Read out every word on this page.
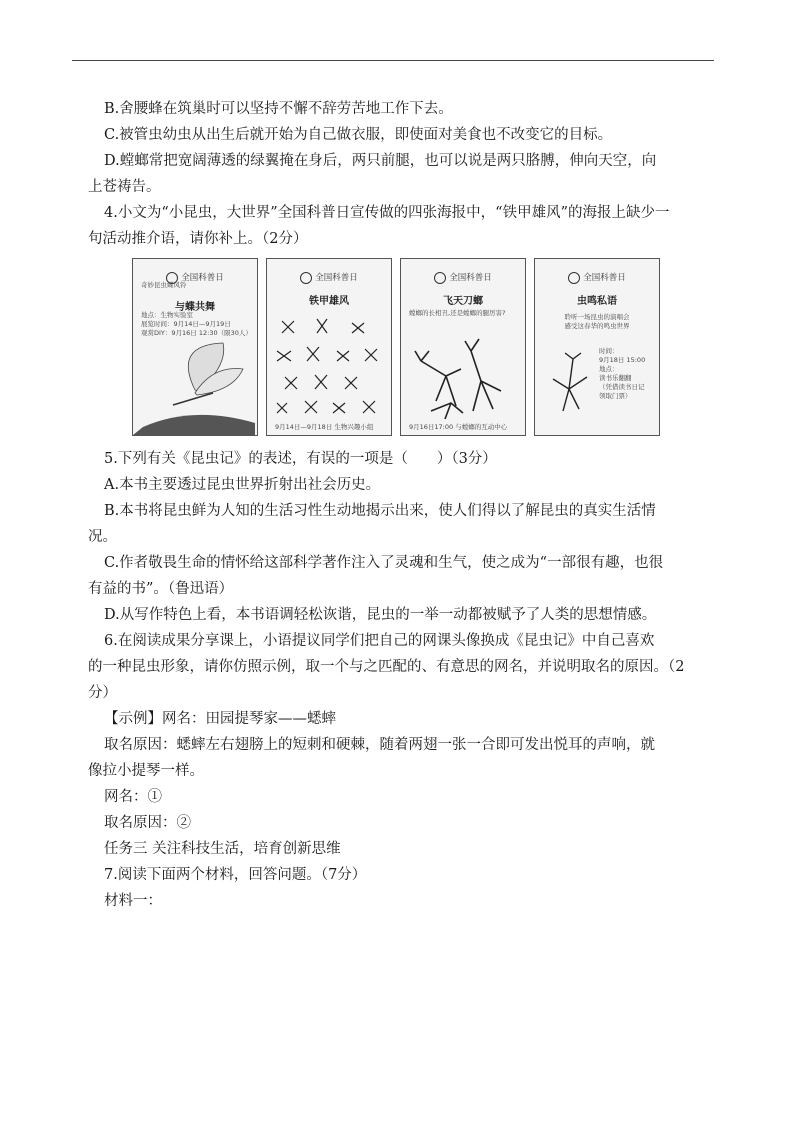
B.舍腰蜂在筑巢时可以坚持不懈不辞劳苦地工作下去。
C.被管虫幼虫从出生后就开始为自己做衣服，即使面对美食也不改变它的目标。
D.螳螂常把宽阔薄透的绿翼掩在身后，两只前腿，也可以说是两只胳膊，伸向天空，向
上苍祷告。
4.小文为“小昆虫，大世界”全国科普日宣传做的四张海报中，“铁甲雄风”的海报上缺少一
句活动推介语，请你补上。（2分）
全国科普日
奇妙昆虫蝶风铃
与蝶共舞
地点：生物实验室
展览时间：9月14日—9月19日
观赏DIY：9月16日 12:30（限30人）
全国科普日
铁甲雄风
9月14日—9月18日 生物兴趣小组
全国科普日
飞天刀螂
螳螂的长相丑,还是螳螂的腿厉害?
9月16日17:00 与螳螂的互动中心
全国科普日
虫鸣私语
聆听一场昆虫的演唱会
感受这春华的鸣虫世界
时间：
9月18日 15:00
地点：
读书乐翻翻
（凭借读书日记
领取门票）
5.下列有关《昆虫记》的表述，有误的一项是（　　）（3分）
A.本书主要透过昆虫世界折射出社会历史。
B.本书将昆虫鲜为人知的生活习性生动地揭示出来，使人们得以了解昆虫的真实生活情
况。
C.作者敬畏生命的情怀给这部科学著作注入了灵魂和生气，使之成为“一部很有趣，也很
有益的书”。（鲁迅语）
D.从写作特色上看，本书语调轻松诙谐，昆虫的一举一动都被赋予了人类的思想情感。
6.在阅读成果分享课上，小语提议同学们把自己的网课头像换成《昆虫记》中自己喜欢
的一种昆虫形象，请你仿照示例，取一个与之匹配的、有意思的网名，并说明取名的原因。（2
分）
【示例】网名：田园提琴家——蟋蟀
取名原因：蟋蟀左右翅膀上的短刺和硬棘，随着两翅一张一合即可发出悦耳的声响，就
像拉小提琴一样。
网名：①
取名原因：②
任务三 关注科技生活，培育创新思维
7.阅读下面两个材料，回答问题。（7分）
材料一：
